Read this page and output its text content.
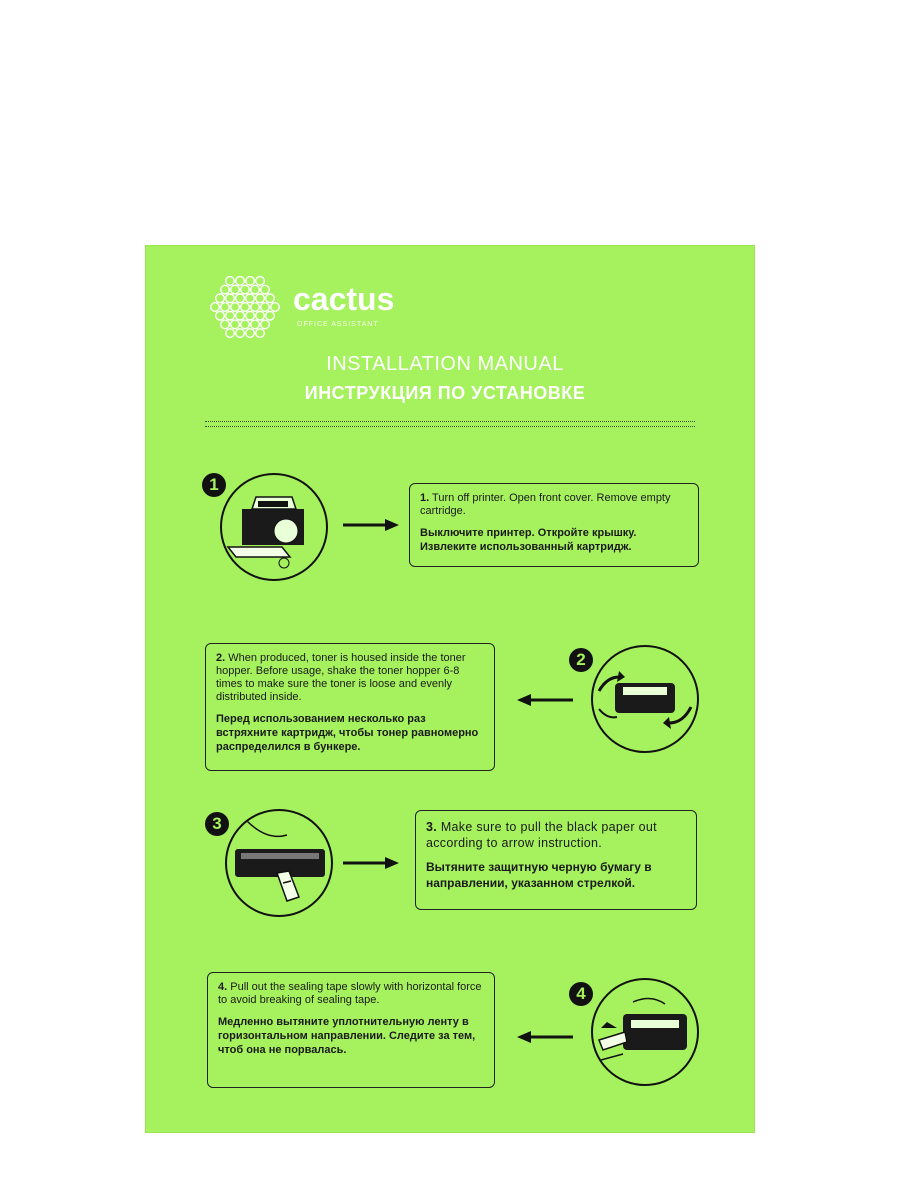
cactus
OFFICE ASSISTANT
INSTALLATION MANUAL
ИНСТРУКЦИЯ ПО УСТАНОВКЕ
1
1. Turn off printer. Open front cover. Remove empty cartridge.
Выключите принтер. Откройте крышку. Извлеките использованный картридж.
2. When produced, toner is housed inside the toner hopper. Before usage, shake the toner hopper 6-8 times to make sure the toner is loose and evenly distributed inside.
Перед использованием несколько раз встряхните картридж, чтобы тонер равномерно распределился в бункере.
2
3	3. Make sure to pull the black paper out according to arrow instruction.
Вытяните защитную черную бумагу в направлении, указанном стрелкой.
4. Pull out the sealing tape slowly with horizontal force to avoid breaking of sealing tape.
Медленно вытяните уплотнительную ленту в горизонтальном направлении. Следите за тем, чтоб она не порвалась.
4
